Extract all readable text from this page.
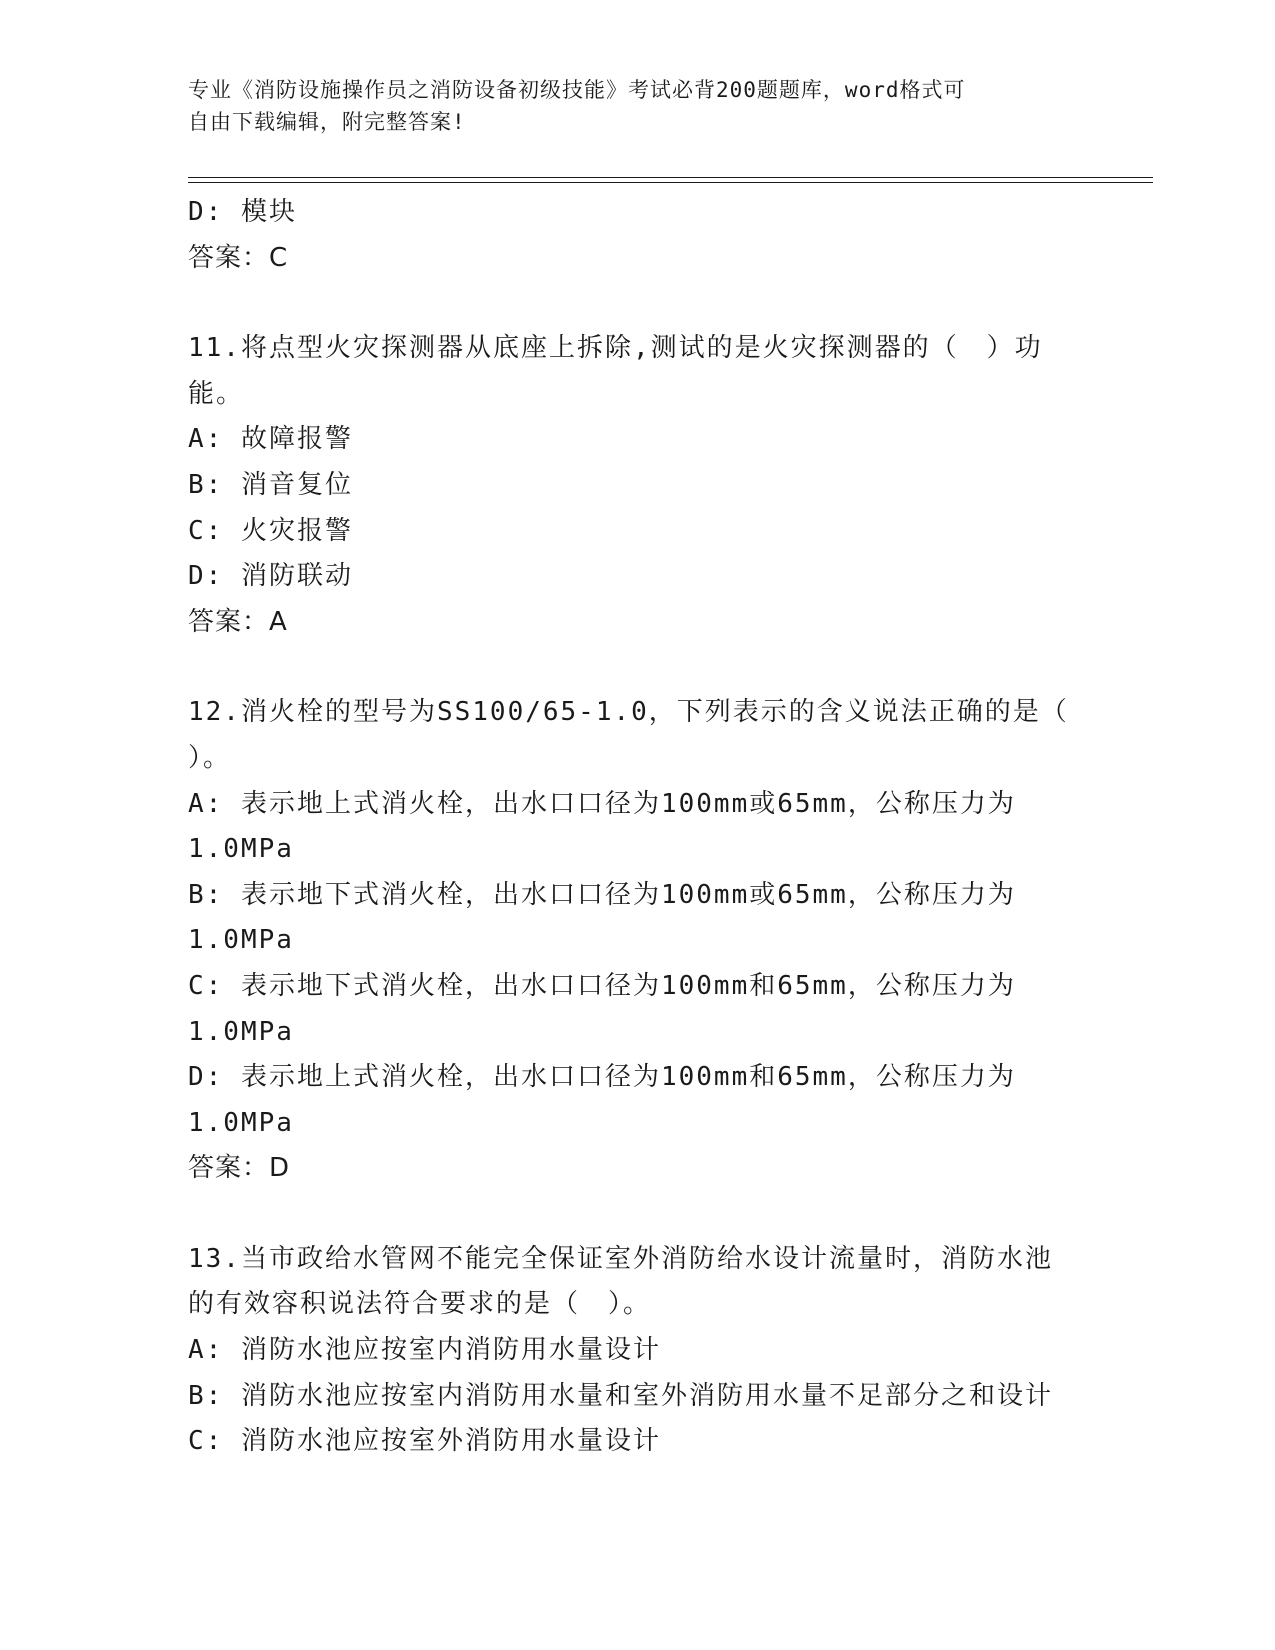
专业《消防设施操作员之消防设备初级技能》考试必背200题题库，word格式可
自由下载编辑，附完整答案!
D: 模块
答案：C
11.将点型火灾探测器从底座上拆除,测试的是火灾探测器的（　）功
能。
A: 故障报警
B: 消音复位
C: 火灾报警
D: 消防联动
答案：A
12.消火栓的型号为SS100/65-1.0，下列表示的含义说法正确的是（
）。
A: 表示地上式消火栓，出水口口径为100mm或65mm，公称压力为
1.0MPa
B: 表示地下式消火栓，出水口口径为100mm或65mm，公称压力为
1.0MPa
C: 表示地下式消火栓，出水口口径为100mm和65mm，公称压力为
1.0MPa
D: 表示地上式消火栓，出水口口径为100mm和65mm，公称压力为
1.0MPa
答案：D
13.当市政给水管网不能完全保证室外消防给水设计流量时，消防水池
的有效容积说法符合要求的是（　）。
A: 消防水池应按室内消防用水量设计
B: 消防水池应按室内消防用水量和室外消防用水量不足部分之和设计
C: 消防水池应按室外消防用水量设计
